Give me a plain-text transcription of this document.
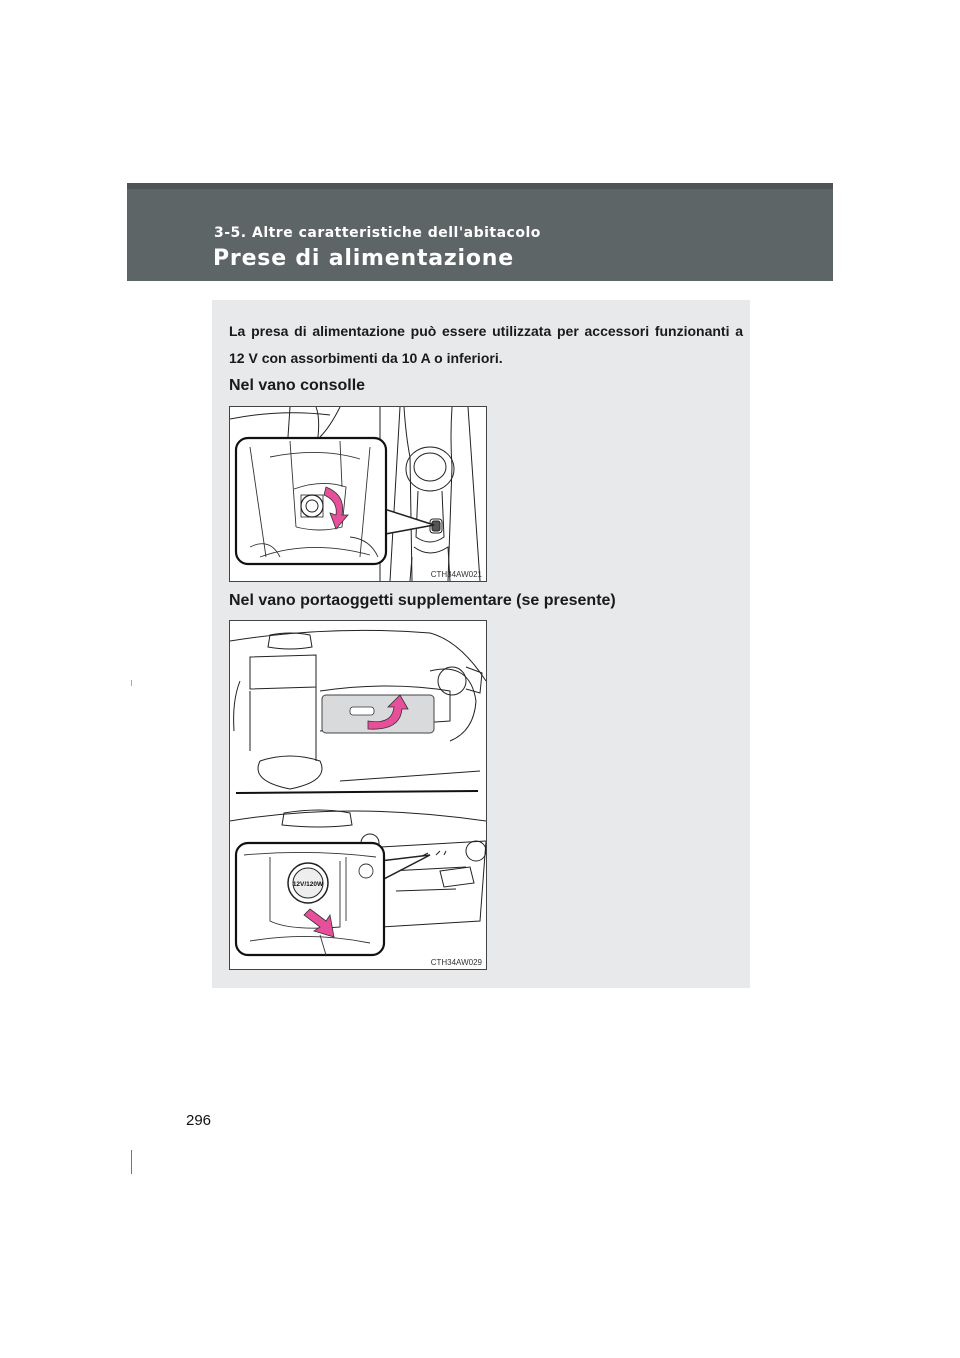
3-5. Altre caratteristiche dell'abitacolo
Prese di alimentazione

La presa di alimentazione può essere utilizzata per accessori funzionanti a 12 V con assorbimenti da 10 A o inferiori.

Nel vano consolle
CTH34AW021
Nel vano portaoggetti supplementare (se presente)
12V/120W
CTH34AW029
296
